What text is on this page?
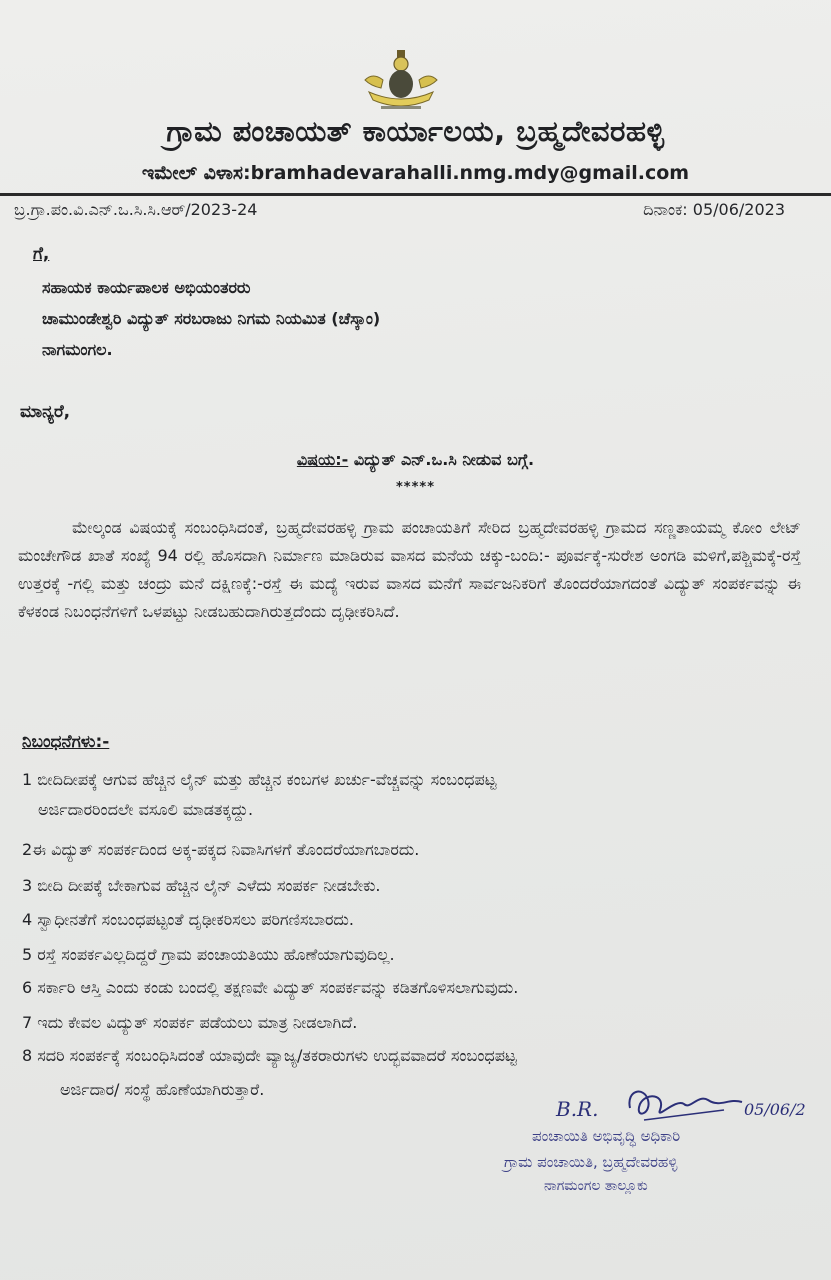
ಗ್ರಾಮ ಪಂಚಾಯತ್ ಕಾರ್ಯಾಲಯ, ಬ್ರಹ್ಮದೇವರಹಳ್ಳಿ
ಇಮೇಲ್ ವಿಳಾಸ:bramhadevarahalli.nmg.mdy@gmail.com
ಬ್ರ.ಗ್ರಾ.ಪಂ.ವಿ.ಎನ್.ಒ.ಸಿ.ಸಿ.ಆರ್/2023-24	ದಿನಾಂಕ: 05/06/2023
ಗೆ,
ಸಹಾಯಕ ಕಾರ್ಯಪಾಲಕ ಅಭಿಯಂತರರು
ಚಾಮುಂಡೇಶ್ವರಿ ವಿದ್ಯುತ್ ಸರಬರಾಜು ನಿಗಮ ನಿಯಮಿತ (ಚೆಸ್ಕಾಂ)
ನಾಗಮಂಗಲ.
ಮಾನ್ಯರೆ,
ವಿಷಯ:- ವಿದ್ಯುತ್ ಎನ್.ಒ.ಸಿ ನೀಡುವ ಬಗ್ಗೆ.
*****
ಮೇಲ್ಕಂಡ ವಿಷಯಕ್ಕೆ ಸಂಬಂಧಿಸಿದಂತೆ, ಬ್ರಹ್ಮದೇವರಹಳ್ಳಿ ಗ್ರಾಮ ಪಂಚಾಯತಿಗೆ ಸೇರಿದ ಬ್ರಹ್ಮದೇವರಹಳ್ಳಿ ಗ್ರಾಮದ ಸಣ್ಣತಾಯಮ್ಮ ಕೋಂ ಲೇಟ್ ಮಂಚೇಗೌಡ ಖಾತೆ ಸಂಖ್ಯೆ 94 ರಲ್ಲಿ ಹೊಸದಾಗಿ ನಿರ್ಮಾಣ ಮಾಡಿರುವ ವಾಸದ ಮನೆಯ ಚಕ್ಕು-ಬಂದಿ:- ಪೂರ್ವಕ್ಕೆ-ಸುರೇಶ ಅಂಗಡಿ ಮಳಿಗೆ,ಪಶ್ಚಿಮಕ್ಕೆ-ರಸ್ತೆ ಉತ್ತರಕ್ಕೆ -ಗಲ್ಲಿ ಮತ್ತು ಚಂದ್ರು ಮನೆ ದಕ್ಷಿಣಕ್ಕೆ:-ರಸ್ತೆ ಈ ಮದ್ಯೆ ಇರುವ ವಾಸದ ಮನೆಗೆ ಸಾರ್ವಜನಿಕರಿಗೆ ತೊಂದರೆಯಾಗದಂತೆ ವಿದ್ಯುತ್ ಸಂಪರ್ಕವನ್ನು ಈ ಕೆಳಕಂಡ ನಿಬಂಧನೆಗಳಿಗೆ ಒಳಪಟ್ಟು ನೀಡಬಹುದಾಗಿರುತ್ತದೆಂದು ದೃಢೀಕರಿಸಿದೆ.
ನಿಬಂಧನೆಗಳು:-
1 ಬೀದಿದೀಪಕ್ಕೆ ಆಗುವ ಹೆಚ್ಚಿನ ಲೈನ್ ಮತ್ತು ಹೆಚ್ಚಿನ ಕಂಬಗಳ ಖರ್ಚು-ವೆಚ್ಚವನ್ನು ಸಂಬಂಧಪಟ್ಟ
ಅರ್ಜಿದಾರರಿಂದಲೇ ವಸೂಲಿ ಮಾಡತಕ್ಕದ್ದು.
2ಈ ವಿದ್ಯುತ್ ಸಂಪರ್ಕದಿಂದ ಅಕ್ಕ-ಪಕ್ಕದ ನಿವಾಸಿಗಳಗೆ ತೊಂದರೆಯಾಗಬಾರದು.
3 ಬೀದಿ ದೀಪಕ್ಕೆ ಬೇಕಾಗುವ ಹೆಚ್ಚಿನ ಲೈನ್ ಎಳೆದು ಸಂಪರ್ಕ ನೀಡಬೇಕು.
4 ಸ್ವಾಧೀನತೆಗೆ ಸಂಬಂಧಪಟ್ಟಂತೆ ದೃಢೀಕರಿಸಲು ಪರಿಗಣಿಸಬಾರದು.
5 ರಸ್ತೆ ಸಂಪರ್ಕವಿಲ್ಲದಿದ್ದರೆ ಗ್ರಾಮ ಪಂಚಾಯತಿಯು ಹೊಣೆಯಾಗುವುದಿಲ್ಲ.
6 ಸರ್ಕಾರಿ ಆಸ್ತಿ ಎಂದು ಕಂಡು ಬಂದಲ್ಲಿ ತಕ್ಷಣವೇ ವಿದ್ಯುತ್ ಸಂಪರ್ಕವನ್ನು ಕಡಿತಗೊಳಿಸಲಾಗುವುದು.
7 ಇದು ಕೇವಲ ವಿದ್ಯುತ್ ಸಂಪರ್ಕ ಪಡೆಯಲು ಮಾತ್ರ ನೀಡಲಾಗಿದೆ.
8 ಸದರಿ ಸಂಪರ್ಕಕ್ಕೆ ಸಂಬಂಧಿಸಿದಂತೆ ಯಾವುದೇ ವ್ಯಾಜ್ಯ/ತಕರಾರುಗಳು ಉದ್ಭವವಾದರೆ ಸಂಬಂಧಪಟ್ಟ
ಅರ್ಜಿದಾರ/ ಸಂಸ್ಥೆ ಹೊಣೆಯಾಗಿರುತ್ತಾರೆ.
B.R.	05/06/2
ಪಂಚಾಯಿತಿ ಅಭಿವೃದ್ಧಿ ಅಧಿಕಾರಿ
ಗ್ರಾಮ ಪಂಚಾಯಿತಿ, ಬ್ರಹ್ಮದೇವರಹಳ್ಳಿ
ನಾಗಮಂಗಲ ತಾಲ್ಲೂಕು
